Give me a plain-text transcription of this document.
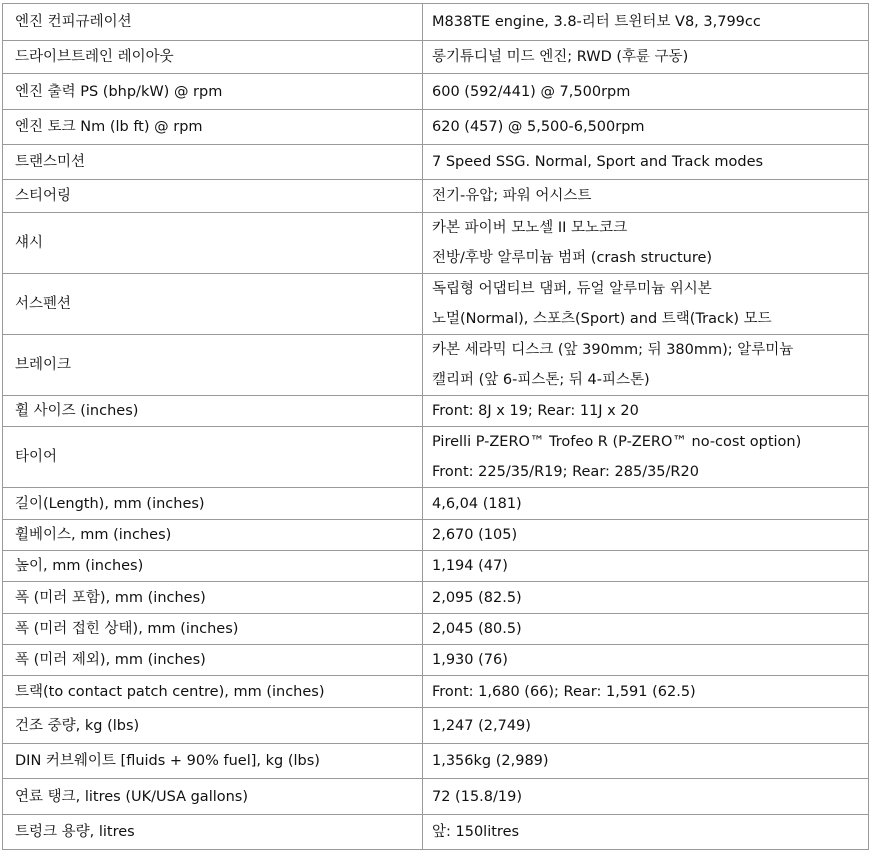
엔진 컨피규레이션	M838TE engine, 3.8-리터 트윈터보 V8, 3,799cc

드라이브트레인 레이아웃	롱기튜디널 미드 엔진; RWD (후륜 구동)

엔진 출력 PS (bhp/kW) @ rpm	600 (592/441) @ 7,500rpm

엔진 토크 Nm (lb ft) @ rpm	620 (457) @ 5,500-6,500rpm

트랜스미션	7 Speed SSG. Normal, Sport and Track modes

스티어링	전기-유압; 파워 어시스트

섀시	카본 파이버 모노셀 II 모노코크
전방/후방 알루미늄 범퍼 (crash structure)

서스펜션	독립형 어댑티브 댐퍼, 듀얼 알루미늄 위시본
노멀(Normal), 스포츠(Sport) and 트랙(Track) 모드

브레이크	카본 세라믹 디스크 (앞 390mm; 뒤 380mm); 알루미늄
캘리퍼 (앞 6-피스톤; 뒤 4-피스톤)

휠 사이즈 (inches)	Front: 8J x 19; Rear: 11J x 20

타이어	Pirelli P-ZERO™ Trofeo R (P-ZERO™ no-cost option)
Front: 225/35/R19; Rear: 285/35/R20

길이(Length), mm (inches)	4,6,04 (181)

휠베이스, mm (inches)	2,670 (105)

높이, mm (inches)	1,194 (47)

폭 (미러 포함), mm (inches)	2,095 (82.5)

폭 (미러 접힌 상태), mm (inches)	2,045 (80.5)

폭 (미러 제외), mm (inches)	1,930 (76)

트랙(to contact patch centre), mm (inches)	Front: 1,680 (66); Rear: 1,591 (62.5)

건조 중량, kg (lbs)	1,247 (2,749)

DIN 커브웨이트 [fluids + 90% fuel], kg (lbs)	1,356kg (2,989)

연료 탱크, litres (UK/USA gallons)	72 (15.8/19)

트렁크 용량, litres	앞: 150litres
